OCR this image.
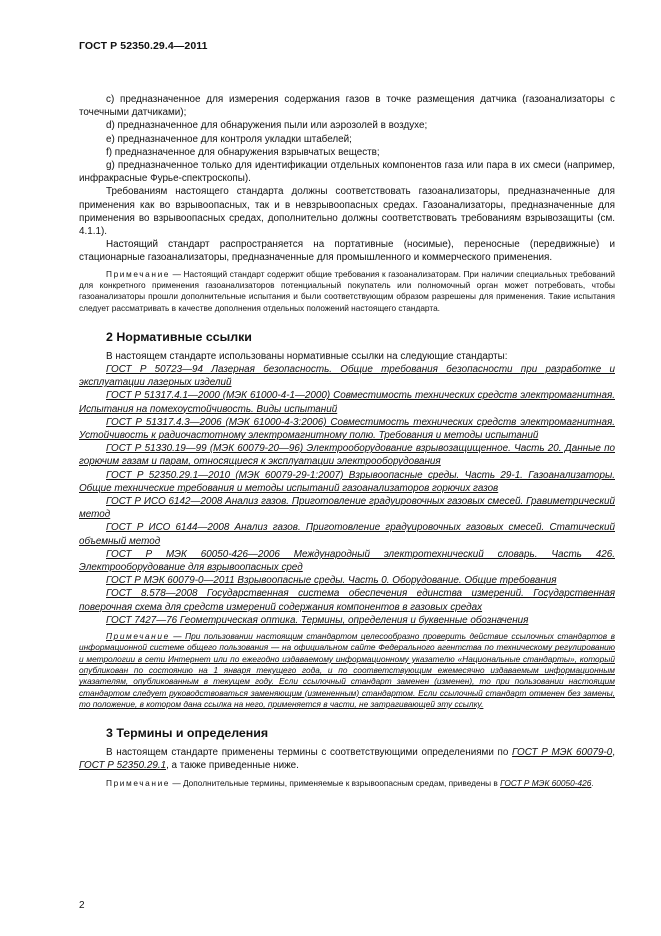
ГОСТ Р 52350.29.4—2011

c) предназначенное для измерения содержания газов в точке размещения датчика (газоанализаторы с точечными датчиками);

d) предназначенное для обнаружения пыли или аэрозолей в воздухе;

e) предназначенное для контроля укладки штабелей;

f) предназначенное для обнаружения взрывчатых веществ;

g) предназначенное только для идентификации отдельных компонентов газа или пара в их смеси (например, инфракрасные Фурье-спектроскопы).

Требованиям настоящего стандарта должны соответствовать газоанализаторы, предназначенные для применения как во взрывоопасных, так и в невзрывоопасных средах. Газоанализаторы, предназначенные для применения во взрывоопасных средах, дополнительно должны соответствовать требованиям взрывозащиты (см. 4.1.1).

Настоящий стандарт распространяется на портативные (носимые), переносные (передвижные) и стационарные газоанализаторы, предназначенные для промышленного и коммерческого применения.

Примечание — Настоящий стандарт содержит общие требования к газоанализаторам. При наличии специальных требований для конкретного применения газоанализаторов потенциальный покупатель или полномочный орган может потребовать, чтобы газоанализаторы прошли дополнительные испытания и были соответствующим образом разрешены для применения. Такие испытания следует рассматривать в качестве дополнения отдельных положений настоящего стандарта.

2 Нормативные ссылки

В настоящем стандарте использованы нормативные ссылки на следующие стандарты:

ГОСТ Р 50723—94 Лазерная безопасность. Общие требования безопасности при разработке и эксплуатации лазерных изделий

ГОСТ Р 51317.4.1—2000 (МЭК 61000-4-1—2000) Совместимость технических средств электромагнитная. Испытания на помехоустойчивость. Виды испытаний

ГОСТ Р 51317.4.3—2006 (МЭК 61000-4-3:2006) Совместимость технических средств электромагнитная. Устойчивость к радиочастотному электромагнитному полю. Требования и методы испытаний

ГОСТ Р 51330.19—99 (МЭК 60079-20—96) Электрооборудование взрывозащищенное. Часть 20. Данные по горючим газам и парам, относящиеся к эксплуатации электрооборудования

ГОСТ Р 52350.29.1—2010 (МЭК 60079-29-1:2007) Взрывоопасные среды. Часть 29-1. Газоанализаторы. Общие технические требования и методы испытаний газоанализаторов горючих газов

ГОСТ Р ИСО 6142—2008 Анализ газов. Приготовление градуировочных газовых смесей. Гравиметрический метод

ГОСТ Р ИСО 6144—2008 Анализ газов. Приготовление градуировочных газовых смесей. Статический объемный метод

ГОСТ Р МЭК 60050-426—2006 Международный электротехнический словарь. Часть 426. Электрооборудование для взрывоопасных сред

ГОСТ Р МЭК 60079-0—2011 Взрывоопасные среды. Часть 0. Оборудование. Общие требования

ГОСТ 8.578—2008 Государственная система обеспечения единства измерений. Государственная поверочная схема для средств измерений содержания компонентов в газовых средах

ГОСТ 7427—76 Геометрическая оптика. Термины, определения и буквенные обозначения

Примечание — При пользовании настоящим стандартом целесообразно проверить действие ссылочных стандартов в информационной системе общего пользования — на официальном сайте Федерального агентства по техническому регулированию и метрологии в сети Интернет или по ежегодно издаваемому информационному указателю «Национальные стандарты», который опубликован по состоянию на 1 января текущего года, и по соответствующим ежемесячно издаваемым информационным указателям, опубликованным в текущем году. Если ссылочный стандарт заменен (изменен), то при пользовании настоящим стандартом следует руководствоваться заменяющим (измененным) стандартом. Если ссылочный стандарт отменен без замены, то положение, в котором дана ссылка на него, применяется в части, не затрагивающей эту ссылку.

3 Термины и определения

В настоящем стандарте применены термины с соответствующими определениями по ГОСТ Р МЭК 60079-0, ГОСТ Р 52350.29.1, а также приведенные ниже.

Примечание — Дополнительные термины, применяемые к взрывоопасным средам, приведены в ГОСТ Р МЭК 60050-426.

2
